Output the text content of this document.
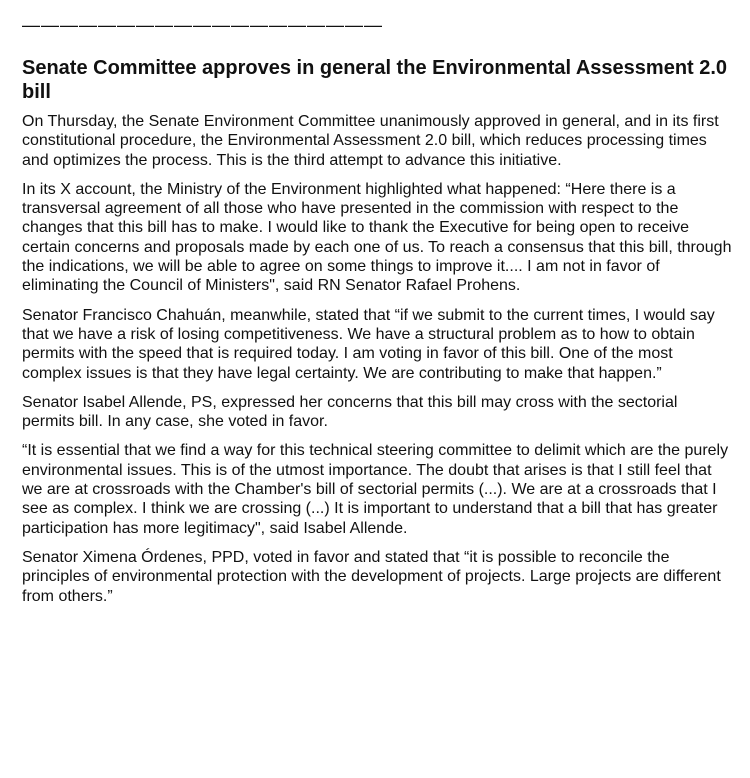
———————————————————
Senate Committee approves in general the Environmental Assessment 2.0 bill

On Thursday, the Senate Environment Committee unanimously approved in general, and in its first constitutional procedure, the Environmental Assessment 2.0 bill, which reduces processing times and optimizes the process. This is the third attempt to advance this initiative.

In its X account, the Ministry of the Environment highlighted what happened: “Here there is a transversal agreement of all those who have presented in the commission with respect to the changes that this bill has to make. I would like to thank the Executive for being open to receive certain concerns and proposals made by each one of us. To reach a consensus that this bill, through the indications, we will be able to agree on some things to improve it.... I am not in favor of eliminating the Council of Ministers", said RN Senator Rafael Prohens.

Senator Francisco Chahuán, meanwhile, stated that “if we submit to the current times, I would say that we have a risk of losing competitiveness. We have a structural problem as to how to obtain permits with the speed that is required today. I am voting in favor of this bill. One of the most complex issues is that they have legal certainty. We are contributing to make that happen.”

Senator Isabel Allende, PS, expressed her concerns that this bill may cross with the sectorial permits bill. In any case, she voted in favor.

“It is essential that we find a way for this technical steering committee to delimit which are the purely environmental issues. This is of the utmost importance. The doubt that arises is that I still feel that we are at crossroads with the Chamber's bill of sectorial permits (...). We are at a crossroads that I see as complex. I think we are crossing (...) It is important to understand that a bill that has greater participation has more legitimacy", said Isabel Allende.

Senator Ximena Órdenes, PPD, voted in favor and stated that “it is possible to reconcile the principles of environmental protection with the development of projects. Large projects are different from others.”
